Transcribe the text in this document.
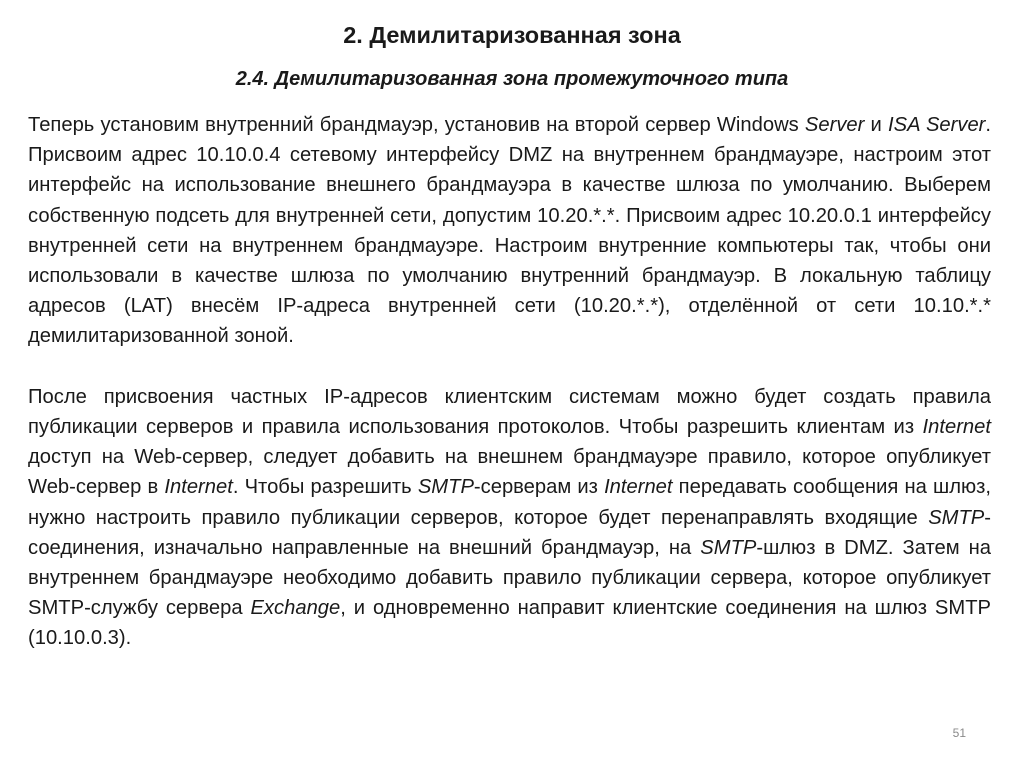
2. Демилитаризованная зона
2.4. Демилитаризованная зона промежуточного типа

Теперь установим внутренний брандмауэр, установив на второй сервер Windows Server и ISA Server. Присвоим адрес 10.10.0.4 сетевому интерфейсу DMZ на внутреннем брандмауэре, настроим этот интерфейс на использование внешнего брандмауэра в качестве шлюза по умолчанию. Выберем собственную подсеть для внутренней сети, допустим 10.20.*.*. Присвоим адрес 10.20.0.1 интерфейсу внутренней сети на внутреннем брандмауэре. Настроим внутренние компьютеры так, чтобы они использовали в качестве шлюза по умолчанию внутренний брандмауэр. В локальную таблицу адресов (LAT) внесём IP-адреса внутренней сети (10.20.*.*), отделённой от сети 10.10.*.* демилитаризованной зоной.

После присвоения частных IP-адресов клиентским системам можно будет создать правила публикации серверов и правила использования протоколов. Чтобы разрешить клиентам из Internet доступ на Web-сервер, следует добавить на внешнем брандмауэре правило, которое опубликует Web-сервер в Internet. Чтобы разрешить SMTP-серверам из Internet передавать сообщения на шлюз, нужно настроить правило публикации серверов, которое будет перенаправлять входящие SMTP-соединения, изначально направленные на внешний брандмауэр, на SMTP-шлюз в DMZ. Затем на внутреннем брандмауэре необходимо добавить правило публикации сервера, которое опубликует SMTP-службу сервера Exchange, и одновременно направит клиентские соединения на шлюз SMTP (10.10.0.3).

51
